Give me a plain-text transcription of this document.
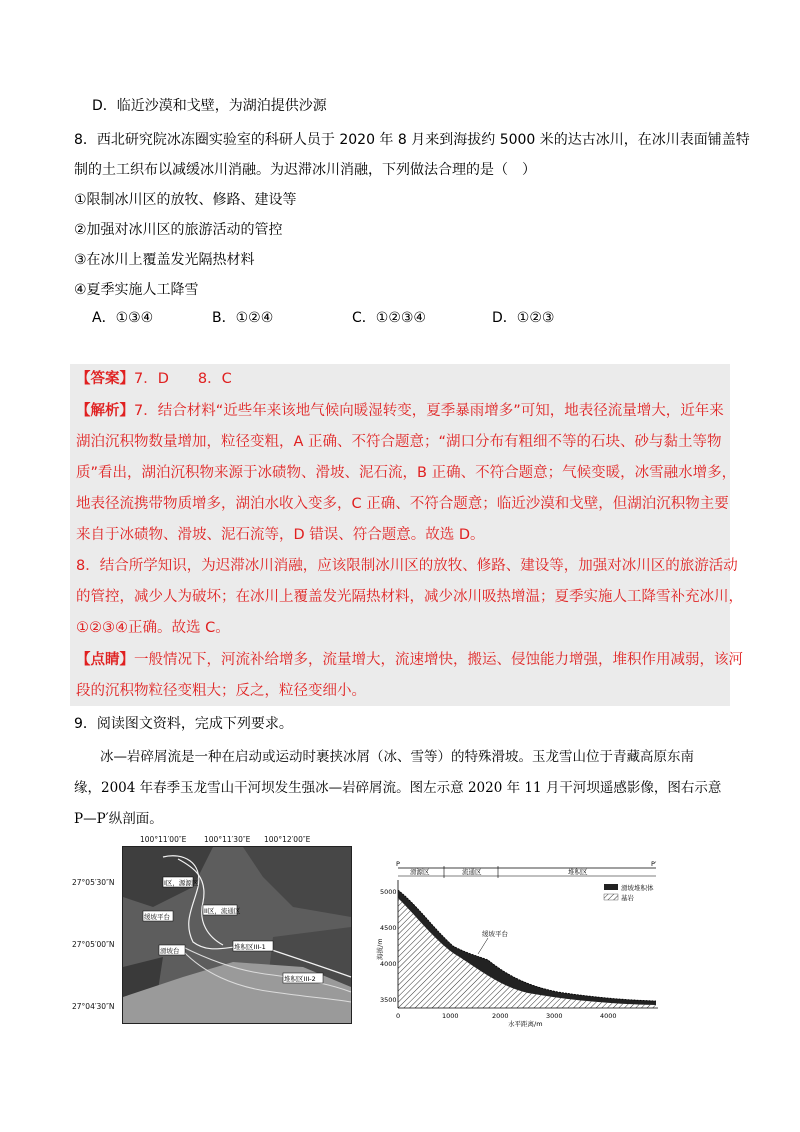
D．临近沙漠和戈壁，为湖泊提供沙源
8．西北研究院冰冻圈实验室的科研人员于 2020 年 8 月来到海拔约 5000 米的达古冰川，在冰川表面铺盖特
制的土工织布以减缓冰川消融。为迟滞冰川消融，下列做法合理的是（　）
①限制冰川区的放牧、修路、建设等
②加强对冰川区的旅游活动的管控
③在冰川上覆盖发光隔热材料
④夏季实施人工降雪
A．①③④	B．①②④	C．①②③④	D．①②③
【答案】7．D　　8．C
【解析】7．结合材料“近些年来该地气候向暖湿转变，夏季暴雨增多”可知，地表径流量增大，近年来
湖泊沉积物数量增加，粒径变粗，A 正确、不符合题意；“湖口分布有粗细不等的石块、砂与黏土等物
质”看出，湖泊沉积物来源于冰碛物、滑坡、泥石流，B 正确、不符合题意；气候变暖，冰雪融水增多，
地表径流携带物质增多，湖泊水收入变多，C 正确、不符合题意；临近沙漠和戈壁，但湖泊沉积物主要
来自于冰碛物、滑坡、泥石流等，D 错误、符合题意。故选 D。
8．结合所学知识，为迟滞冰川消融，应该限制冰川区的放牧、修路、建设等，加强对冰川区的旅游活动
的管控，减少人为破坏；在冰川上覆盖发光隔热材料，减少冰川吸热增温；夏季实施人工降雪补充冰川，
①②③④正确。故选 C。
【点睛】一般情况下，河流补给增多，流量增大，流速增快，搬运、侵蚀能力增强，堆积作用减弱，该河
段的沉积物粒径变粗大；反之，粒径变细小。
9．阅读图文资料，完成下列要求。
冰—岩碎屑流是一种在启动或运动时裹挟冰屑（冰、雪等）的特殊滑坡。玉龙雪山位于青藏高原东南
缘，2004 年春季玉龙雪山干河坝发生强冰—岩碎屑流。图左示意 2020 年 11 月干河坝遥感影像，图右示意
P—P′纵剖面。
100°11′00″E 100°11′30″E 100°12′00″E
27°05′30″N
27°05′00″N
27°04′30″N
I区，源源区
缓坡平台
II区，流通区
滑坡台	堆积区III-1
堆积区III-2
P	P′
滑源区	流通区	堆积区
5000
4500
4000
3500
海拔/m
0	1000	2000	3000	4000
水平距离/m
缓坡平台
滑坡堆积体
基岩
